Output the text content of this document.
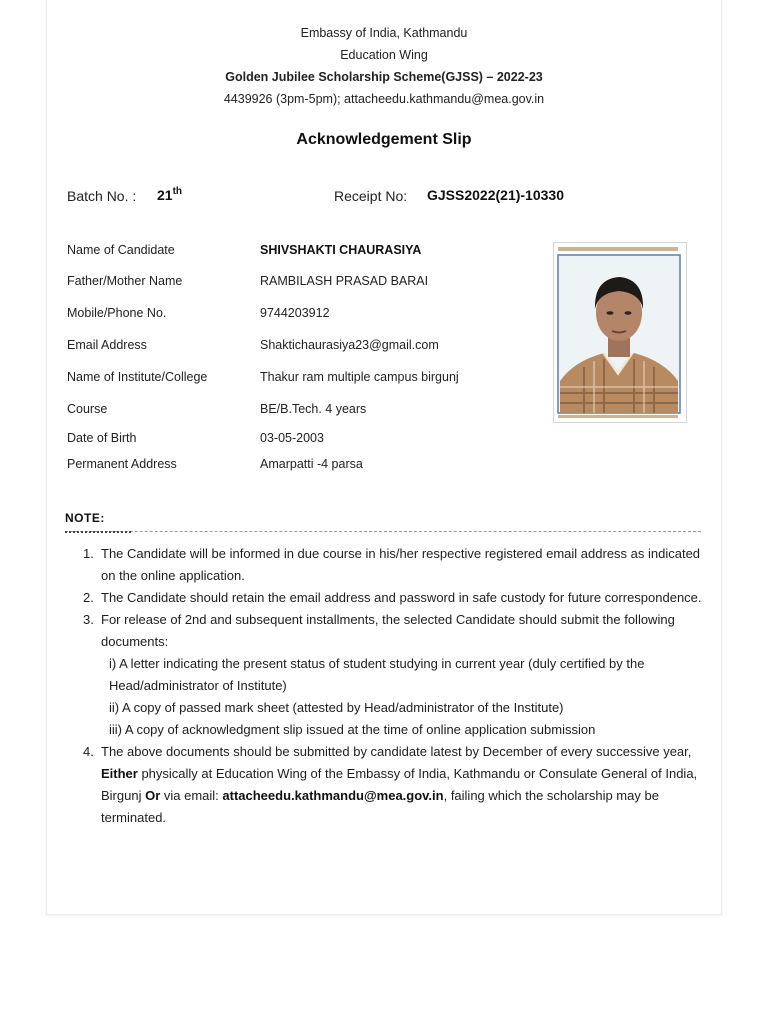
Embassy of India, Kathmandu
Education Wing
Golden Jubilee Scholarship Scheme(GJSS) – 2022-23
4439926 (3pm-5pm); attacheedu.kathmandu@mea.gov.in
Acknowledgement Slip
Batch No. : 21th	Receipt No: GJSS2022(21)-10330
Name of Candidate	SHIVSHAKTI CHAURASIYA
Father/Mother Name	RAMBILASH PRASAD BARAI
Mobile/Phone No.	9744203912
Email Address	Shaktichaurasiya23@gmail.com
Name of Institute/College	Thakur ram multiple campus birgunj
Course	BE/B.Tech. 4 years
Date of Birth	03-05-2003
Permanent Address	Amarpatti -4 parsa
NOTE:
1. The Candidate will be informed in due course in his/her respective registered email address as indicated on the online application.
2. The Candidate should retain the email address and password in safe custody for future correspondence.
3. For release of 2nd and subsequent installments, the selected Candidate should submit the following documents:
i) A letter indicating the present status of student studying in current year (duly certified by the Head/administrator of Institute)
ii) A copy of passed mark sheet (attested by Head/administrator of the Institute)
iii) A copy of acknowledgment slip issued at the time of online application submission
4. The above documents should be submitted by candidate latest by December of every successive year, Either physically at Education Wing of the Embassy of India, Kathmandu or Consulate General of India, Birgunj Or via email: attacheedu.kathmandu@mea.gov.in, failing which the scholarship may be terminated.
